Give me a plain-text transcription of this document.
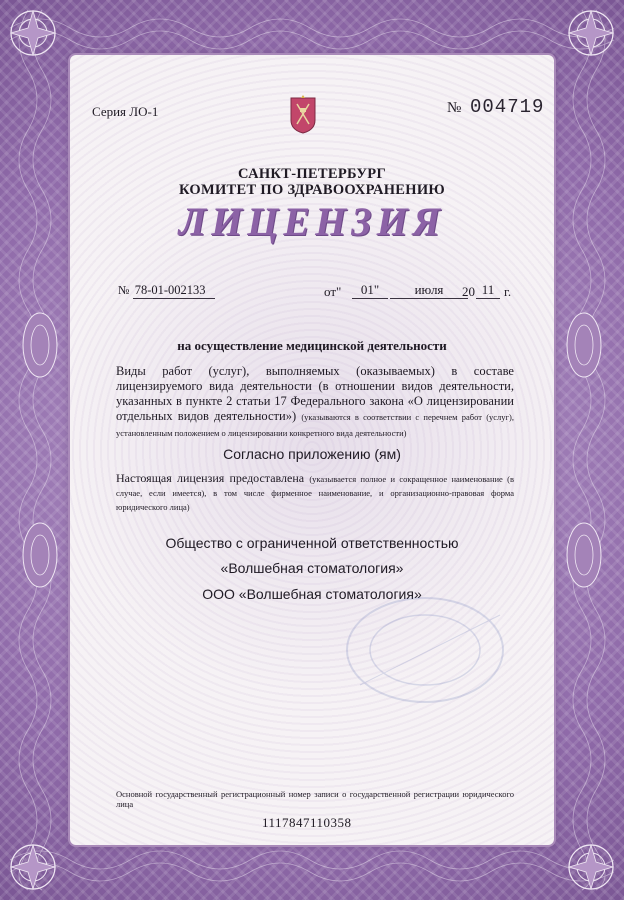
Серия ЛО-1	№ 004719
САНКТ-ПЕТЕРБУРГ
КОМИТЕТ ПО ЗДРАВООХРАНЕНИЮ
ЛИЦЕНЗИЯ
№ 78-01-002133	от"	01"	июля	20 11 г.
на осуществление медицинской деятельности
Виды работ (услуг), выполняемых (оказываемых) в составе лицензируемого вида деятельности (в отношении видов деятельности, указанных в пункте 2 статьи 17 Федерального закона «О лицензировании отдельных видов деятельности») (указываются в соответствии с перечнем работ (услуг), установленным положением о лицензировании конкретного вида деятельности)
Согласно приложению (ям)
Настоящая лицензия предоставлена (указывается полное и сокращенное наименование (в случае, если имеется), в том числе фирменное наименование, и организационно-правовая форма юридического лица)
Общество с ограниченной ответственностью
«Волшебная стоматология»
ООО «Волшебная стоматология»
Основной государственный регистрационный номер записи о государственной регистрации юридического лица
1117847110358
